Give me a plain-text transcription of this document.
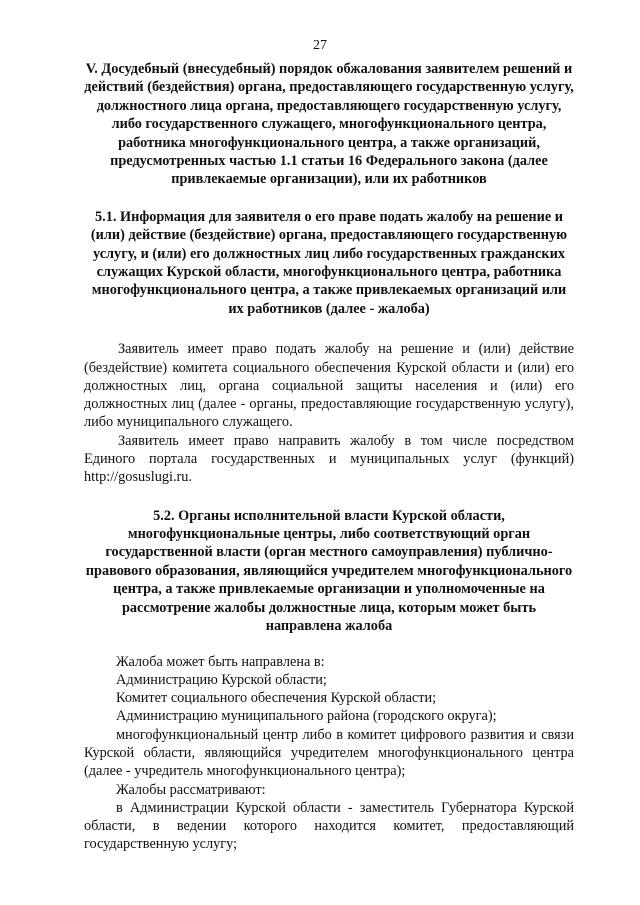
27

V. Досудебный (внесудебный) порядок обжалования заявителем решений и действий (бездействия) органа, предоставляющего государственную услугу, должностного лица органа, предоставляющего государственную услугу, либо государственного служащего, многофункционального центра, работника многофункционального центра, а также организаций, предусмотренных частью 1.1 статьи 16 Федерального закона (далее привлекаемые организации), или их работников

5.1. Информация для заявителя о его праве подать жалобу на решение и (или) действие (бездействие) органа, предоставляющего государственную услугу, и (или) его должностных лиц либо государственных гражданских служащих Курской области, многофункционального центра, работника многофункционального центра, а также привлекаемых организаций или их работников (далее - жалоба)

Заявитель имеет право подать жалобу на решение и (или) действие (бездействие) комитета социального обеспечения Курской области и (или) его должностных лиц, органа социальной защиты населения и (или) его должностных лиц (далее - органы, предоставляющие государственную услугу), либо муниципального служащего.

Заявитель имеет право направить жалобу в том числе посредством Единого портала государственных и муниципальных услуг (функций) http://gosuslugi.ru.

5.2. Органы исполнительной власти Курской области, многофункциональные центры, либо соответствующий орган государственной власти (орган местного самоуправления) публично-правового образования, являющийся учредителем многофункционального центра, а также привлекаемые организации и уполномоченные на рассмотрение жалобы должностные лица, которым может быть направлена жалоба

Жалоба может быть направлена в:

Администрацию Курской области;

Комитет социального обеспечения Курской области;

Администрацию муниципального района (городского округа);

многофункциональный центр либо в комитет цифрового развития и связи Курской области, являющийся учредителем многофункционального центра (далее - учредитель многофункционального центра);

Жалобы рассматривают:

в Администрации Курской области - заместитель Губернатора Курской области, в ведении которого находится комитет, предоставляющий государственную услугу;
